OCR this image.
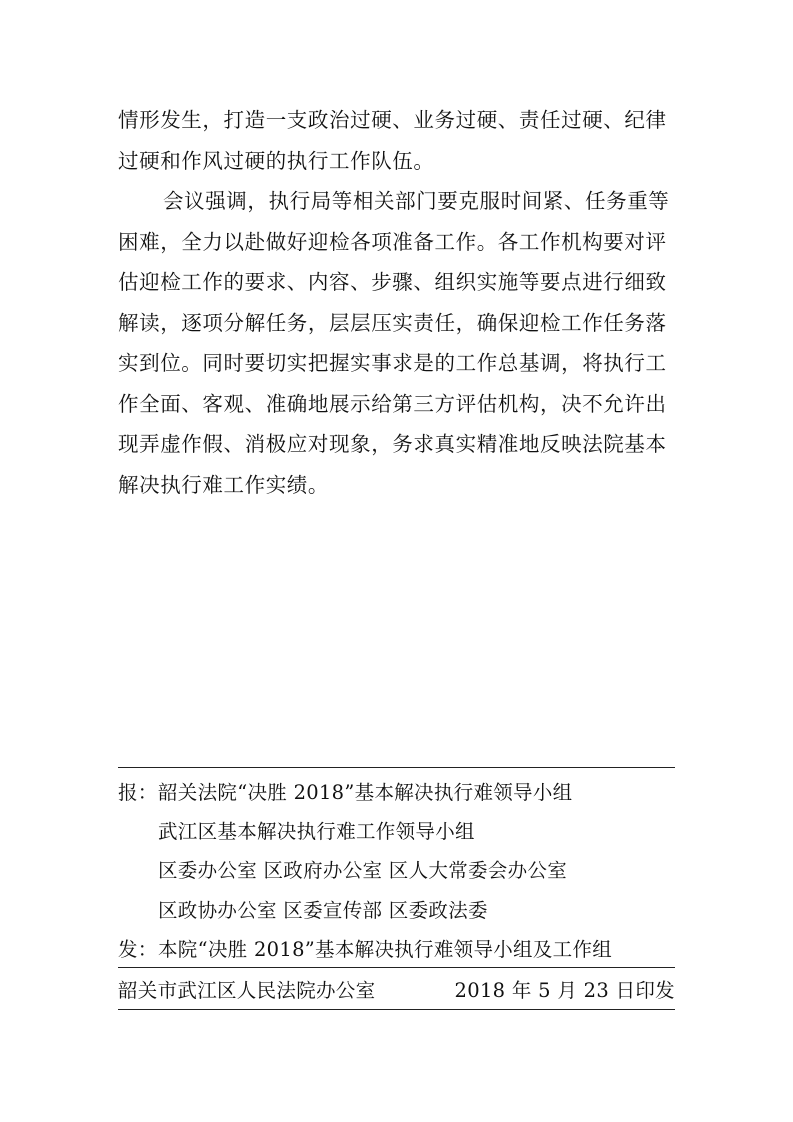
情形发生，打造一支政治过硬、业务过硬、责任过硬、纪律
过硬和作风过硬的执行工作队伍。
会议强调，执行局等相关部门要克服时间紧、任务重等
困难，全力以赴做好迎检各项准备工作。各工作机构要对评
估迎检工作的要求、内容、步骤、组织实施等要点进行细致
解读，逐项分解任务，层层压实责任，确保迎检工作任务落
实到位。同时要切实把握实事求是的工作总基调，将执行工
作全面、客观、准确地展示给第三方评估机构，决不允许出
现弄虚作假、消极应对现象，务求真实精准地反映法院基本
解决执行难工作实绩。
报： 韶关法院“决胜 2018”基本解决执行难领导小组
武江区基本解决执行难工作领导小组
区委办公室 区政府办公室 区人大常委会办公室
区政协办公室 区委宣传部 区委政法委
发： 本院“决胜 2018”基本解决执行难领导小组及工作组
韶关市武江区人民法院办公室	2018 年 5 月 23 日印发
